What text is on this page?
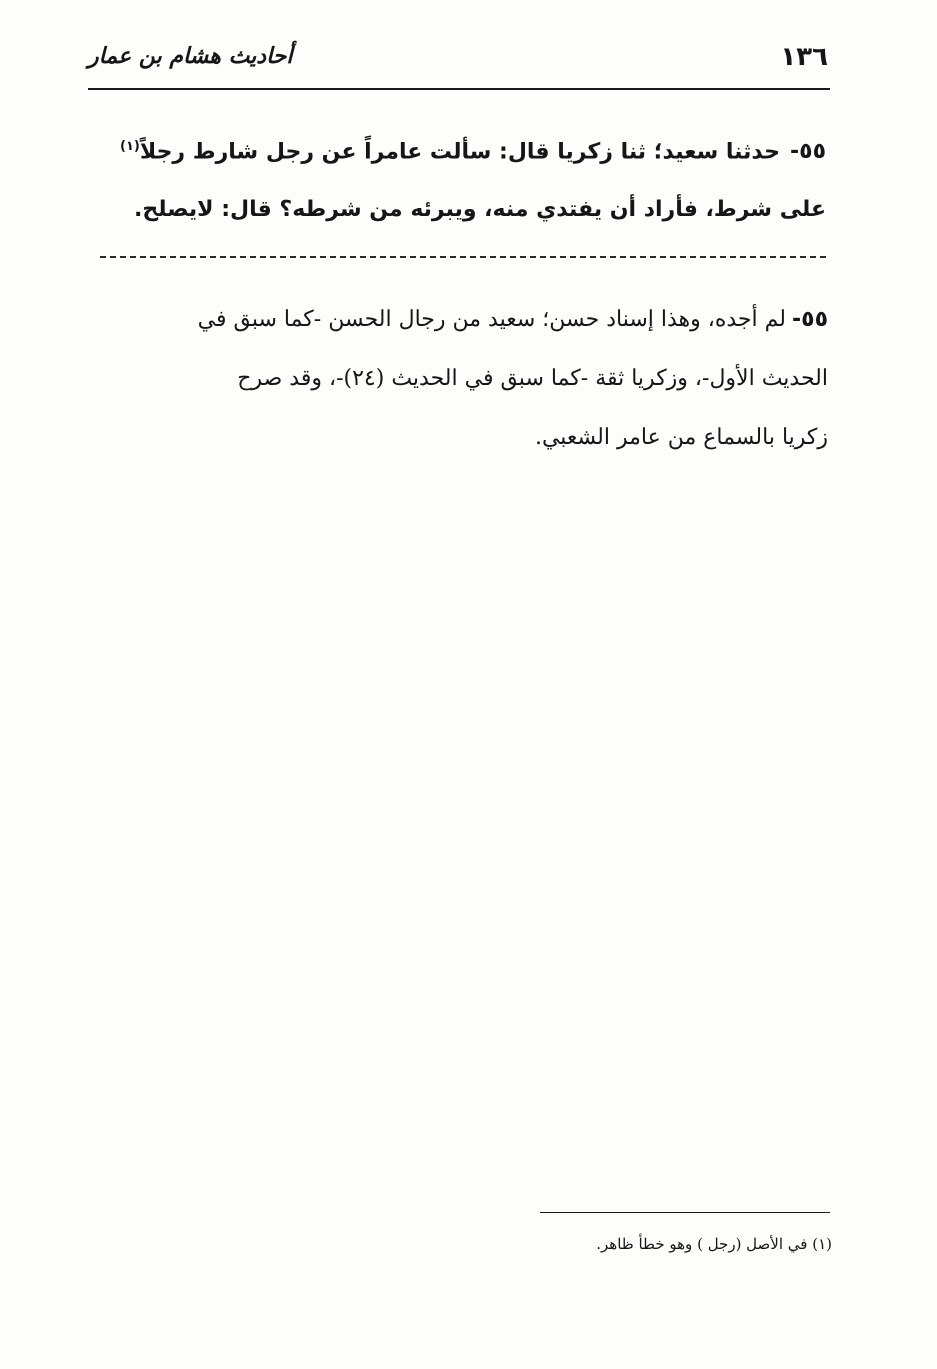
١٣٦
أحاديث هشام بن عمار
٥٥-حدثنا سعيد؛ ثنا زكريا قال: سألت عامراً عن رجل شارط رجلاً$^{(١)}$
على شرط، فأراد أن يفتدي منه، ويبرئه من شرطه؟ قال: لايصلح.
٥٥-لم أجده، وهذا إسناد حسن؛ سعيد من رجال الحسن -كما سبق في
الحديث الأول-، وزكريا ثقة -كما سبق في الحديث (٢٤)-، وقد صرح
زكريا بالسماع من عامر الشعبي.
(١) في الأصل (رجل ) وهو خطأ ظاهر.
